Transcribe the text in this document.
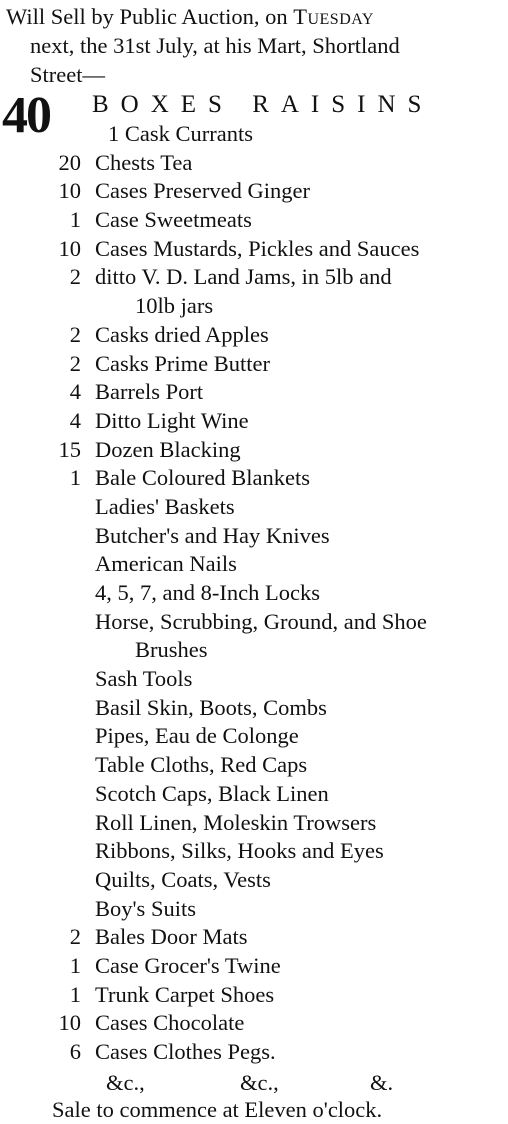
Will Sell by Public Auction, on Tuesday
next, the 31st July, at his Mart, Shortland
Street—
40 BOXES RAISINS
1 Cask Currants
20 Chests Tea
10 Cases Preserved Ginger
1 Case Sweetmeats
10 Cases Mustards, Pickles and Sauces
2 ditto V. D. Land Jams, in 5lb and
10lb jars
2 Casks dried Apples
2 Casks Prime Butter
4 Barrels Port
4 Ditto Light Wine
15 Dozen Blacking
1 Bale Coloured Blankets
Ladies' Baskets
Butcher's and Hay Knives
American Nails
4, 5, 7, and 8-Inch Locks
Horse, Scrubbing, Ground, and Shoe
Brushes
Sash Tools
Basil Skin, Boots, Combs
Pipes, Eau de Colonge
Table Cloths, Red Caps
Scotch Caps, Black Linen
Roll Linen, Moleskin Trowsers
Ribbons, Silks, Hooks and Eyes
Quilts, Coats, Vests
Boy's Suits
2 Bales Door Mats
1 Case Grocer's Twine
1 Trunk Carpet Shoes
10 Cases Chocolate
6 Cases Clothes Pegs.
&c.,	&c.,	&.
Sale to commence at Eleven o'clock.
